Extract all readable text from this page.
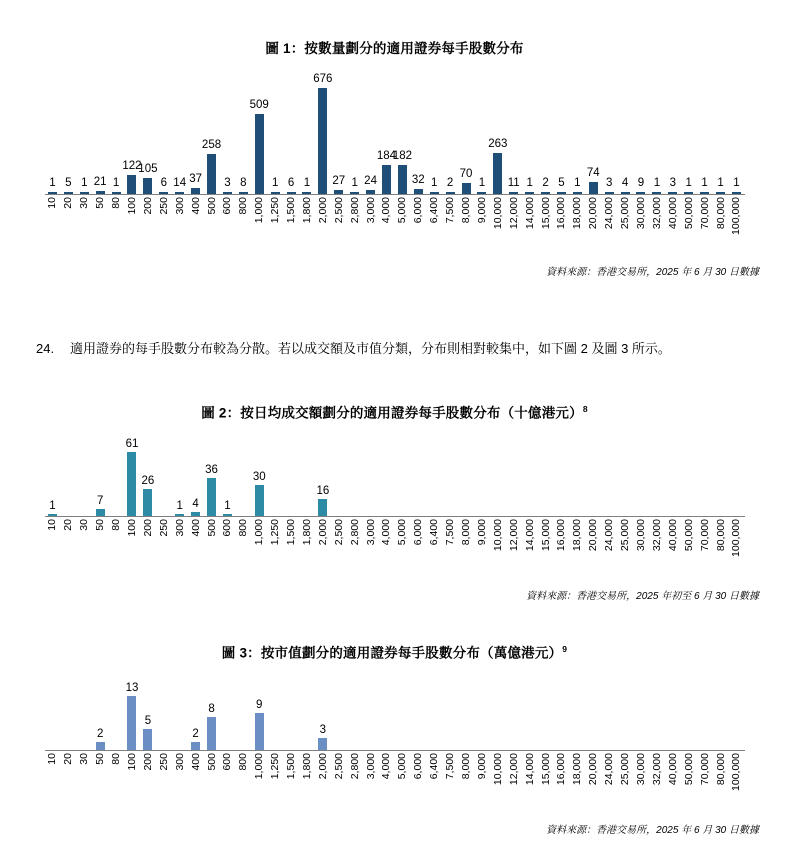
圖 1：按數量劃分的適用證券每手股數分布
1 5 1 21 1
122
105
6 14 37
258
3 8
509
1 6 1
676
27 1 24
184
182
32 1 2
70
1
263
11 1 2 5 1
74
3 4 9 1 3 1 1 1 1
10 20 30 50 80 100 200 250 300 400 500 600 800 1,000 1,250 1,500 1,800 2,000 2,500 2,800 3,000 4,000 5,000 6,000 6,400 7,500 8,000 9,000 10,000 12,000 14,000 15,000 16,000 18,000 20,000 24,000 25,000 30,000 32,000 40,000 50,000 70,000 80,000 100,000
資料來源：香港交易所，2025 年 6 月 30 日數據
24.	適用證券的每手股數分布較為分散。若以成交額及市值分類，分布則相對較集中，如下圖 2 及圖 3 所示。
圖 2：按日均成交額劃分的適用證券每手股數分布（十億港元）$^8$
1	7
61
26
1 4
36
1
30
16
10 20 30 50 80 100 200 250 300 400 500 600 800 1,000 1,250 1,500 1,800 2,000 2,500 2,800 3,000 4,000 5,000 6,000 6,400 7,500 8,000 9,000 10,000 12,000 14,000 15,000 16,000 18,000 20,000 24,000 25,000 30,000 32,000 40,000 50,000 70,000 80,000 100,000
資料來源：香港交易所，2025 年初至 6 月 30 日數據
圖 3：按市值劃分的適用證券每手股數分布（萬億港元）$^9$
2
13
5
2
8	9
3
10 20 30 50 80 100 200 250 300 400 500 600 800 1,000 1,250 1,500 1,800 2,000 2,500 2,800 3,000 4,000 5,000 6,000 6,400 7,500 8,000 9,000 10,000 12,000 14,000 15,000 16,000 18,000 20,000 24,000 25,000 30,000 32,000 40,000 50,000 70,000 80,000 100,000
資料來源：香港交易所，2025 年 6 月 30 日數據
